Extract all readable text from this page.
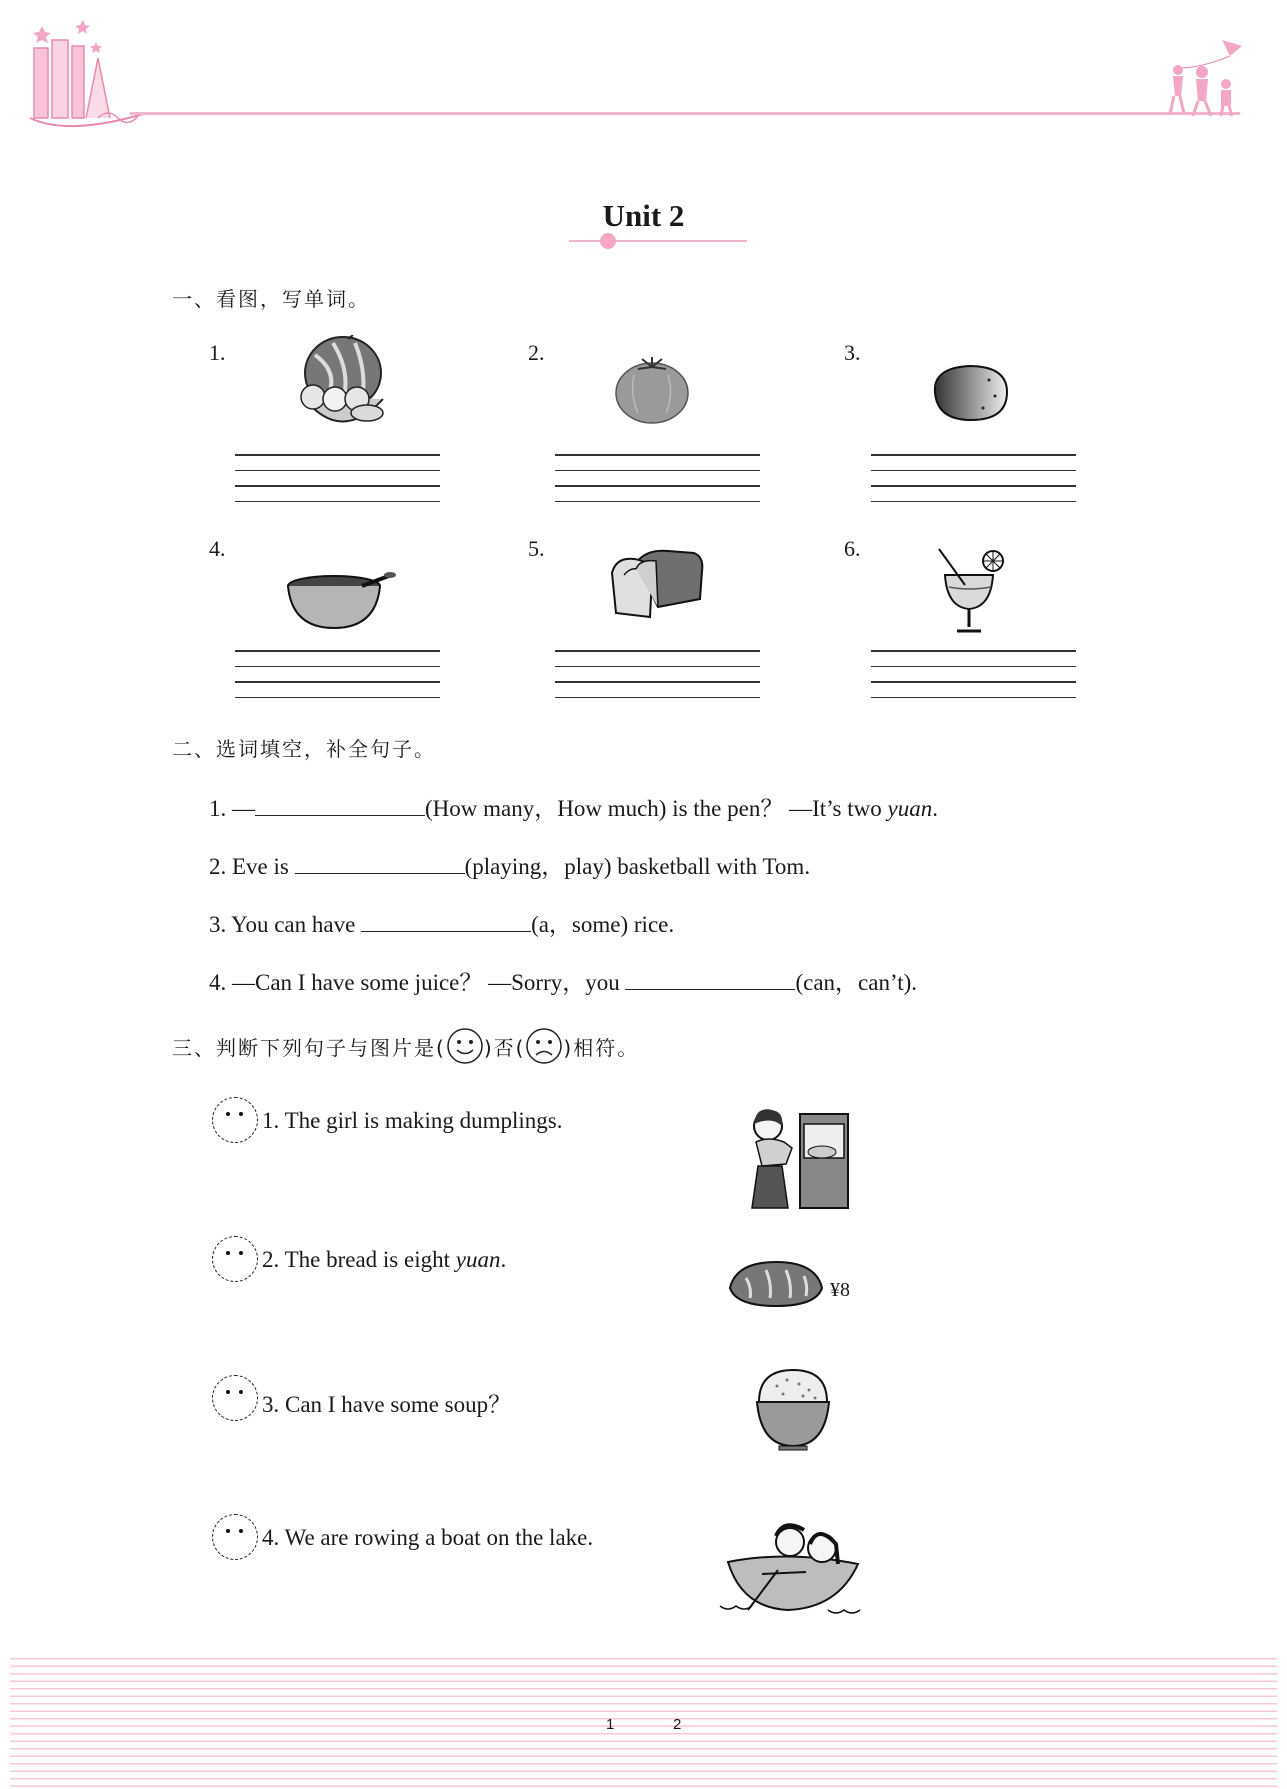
Unit 2
一、看图，写单词。
1.	2.	3.
4.	5.	6.
二、选词填空，补全句子。
1. —	(How many，How much) is the pen？ —It’s two yuan.
2. Eve is	(playing，play) basketball with Tom.
3. You can have	(a，some) rice.
4. —Can I have some juice？ —Sorry，you	(can，can’t).
三、判断下列句子与图片是( )否( )相符。
1. The girl is making dumplings.
2. The bread is eight yuan.
¥8
3. Can I have some soup？
4. We are rowing a boat on the lake.
1	2
